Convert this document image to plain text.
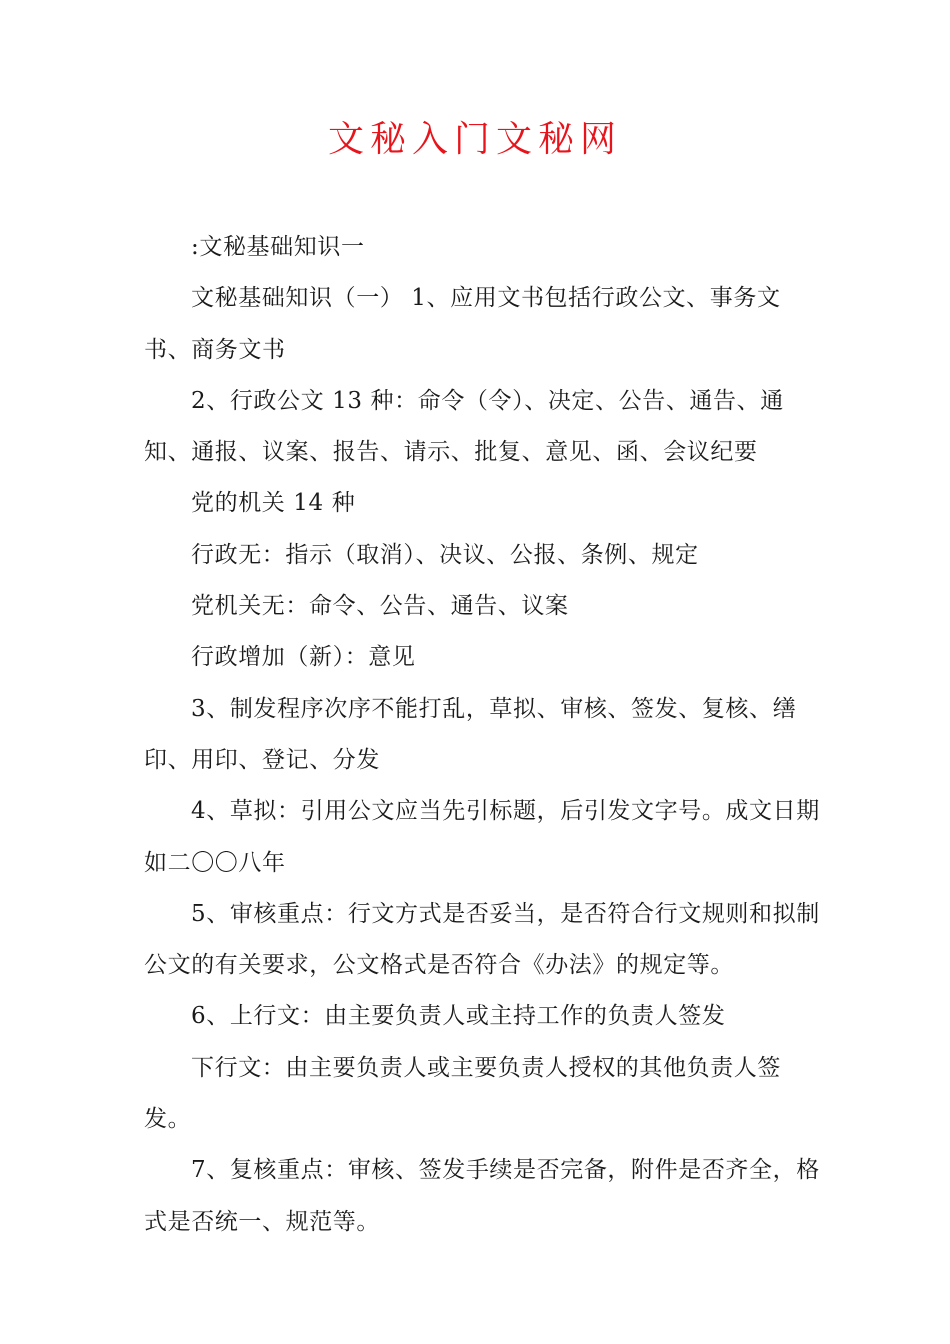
文秘入门文秘网

:文秘基础知识一

文秘基础知识（一） 1、应用文书包括行政公文、事务文书、商务文书

2、行政公文 13 种：命令（令）、决定、公告、通告、通知、通报、议案、报告、请示、批复、意见、函、会议纪要

党的机关 14 种

行政无：指示（取消）、决议、公报、条例、规定

党机关无：命令、公告、通告、议案

行政增加（新）：意见

3、制发程序次序不能打乱，草拟、审核、签发、复核、缮印、用印、登记、分发

4、草拟：引用公文应当先引标题，后引发文字号。成文日期如二〇〇八年

5、审核重点：行文方式是否妥当，是否符合行文规则和拟制公文的有关要求，公文格式是否符合《办法》的规定等。

6、上行文：由主要负责人或主持工作的负责人签发

下行文：由主要负责人或主要负责人授权的其他负责人签发。

7、复核重点：审核、签发手续是否完备，附件是否齐全，格式是否统一、规范等。
